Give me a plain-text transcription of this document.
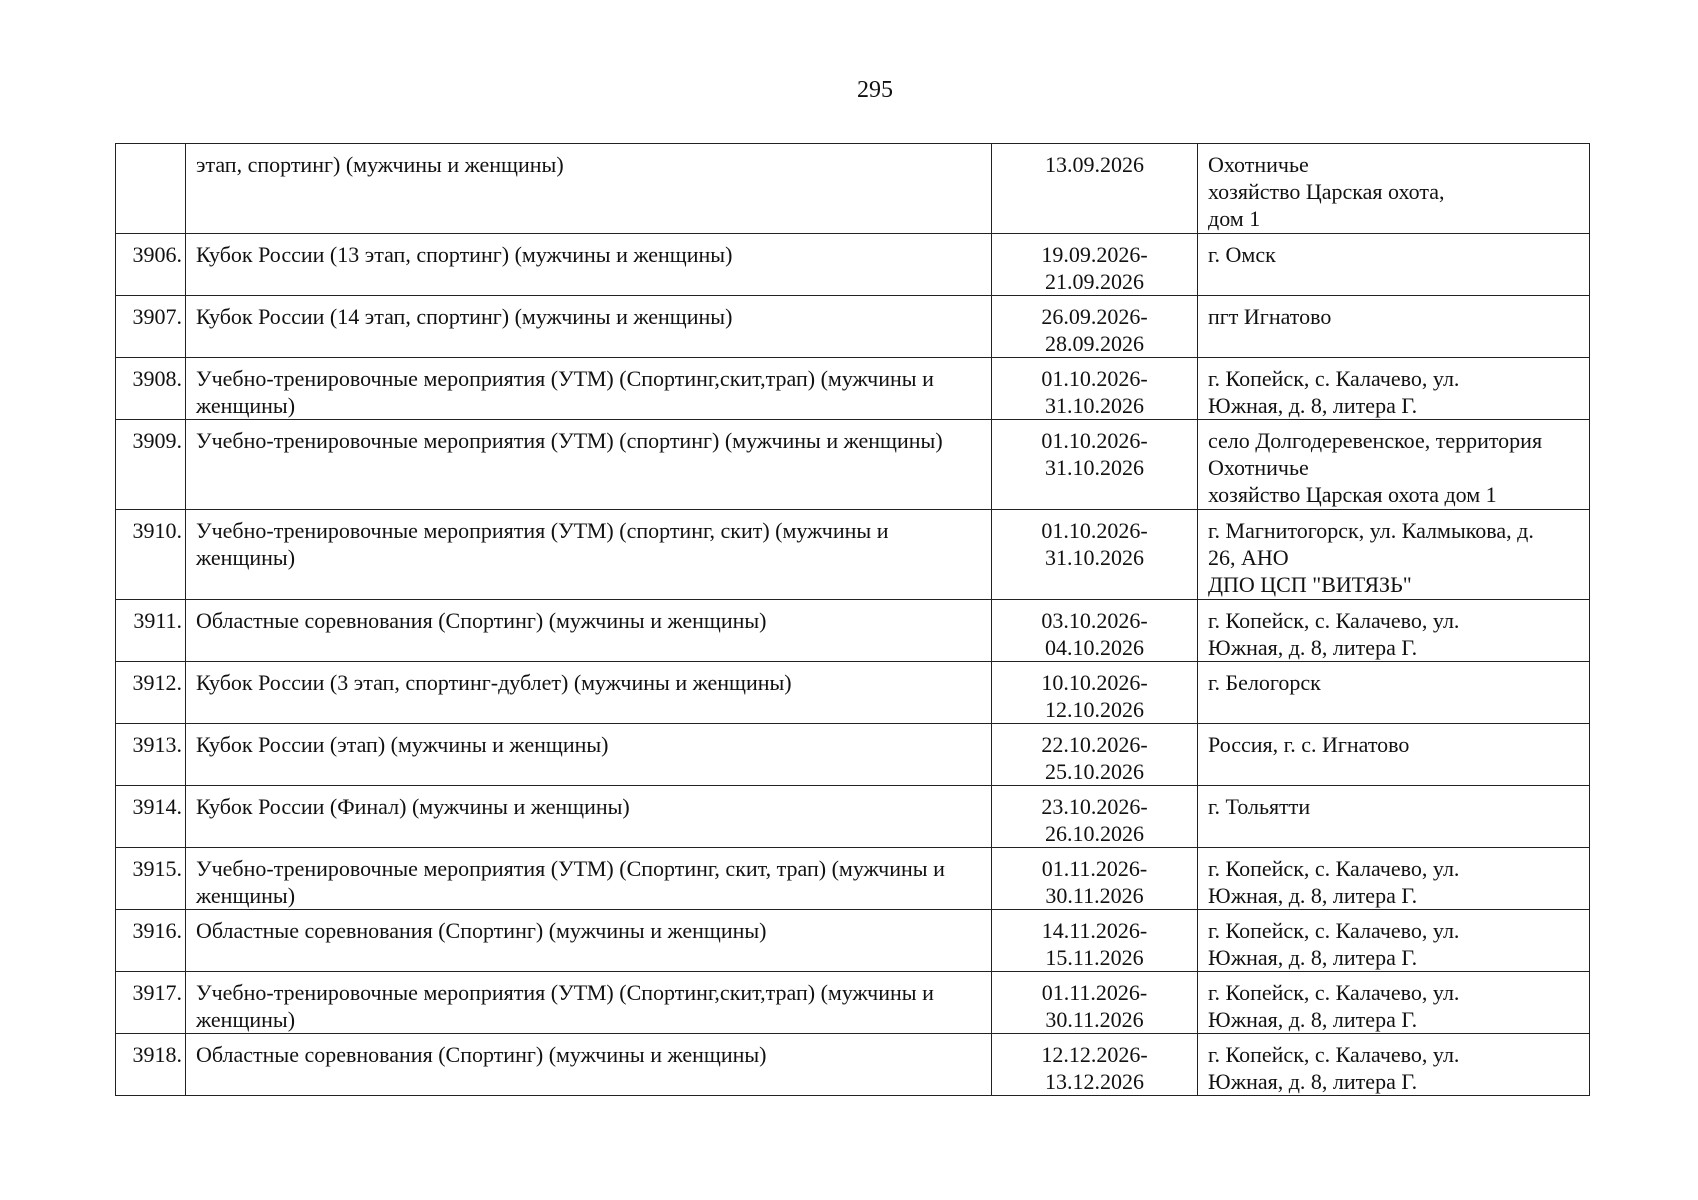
295
	этап, спортинг) (мужчины и женщины)	13.09.2026	Охотничье
хозяйство Царская охота,
дом 1

3906.	Кубок России (13 этап, спортинг) (мужчины и женщины)	19.09.2026-
21.09.2026	г. Омск

3907.	Кубок России (14 этап, спортинг) (мужчины и женщины)	26.09.2026-
28.09.2026	пгт Игнатово

3908.	Учебно-тренировочные мероприятия (УТМ) (Спортинг,скит,трап) (мужчины и женщины)	01.10.2026-
31.10.2026	г. Копейск, с. Калачево, ул.
Южная, д. 8, литера Г.

3909.	Учебно-тренировочные мероприятия (УТМ) (спортинг) (мужчины и женщины)	01.10.2026-
31.10.2026	село Долгодеревенское, территория
Охотничье
хозяйство Царская охота дом 1

3910.	Учебно-тренировочные мероприятия (УТМ) (спортинг, скит) (мужчины и женщины)	01.10.2026-
31.10.2026	г. Магнитогорск, ул. Калмыкова, д.
26, АНО
ДПО ЦСП "ВИТЯЗЬ"

3911.	Областные соревнования (Спортинг) (мужчины и женщины)	03.10.2026-
04.10.2026	г. Копейск, с. Калачево, ул.
Южная, д. 8, литера Г.

3912.	Кубок России (3 этап, спортинг-дублет) (мужчины и женщины)	10.10.2026-
12.10.2026	г. Белогорск

3913.	Кубок России (этап) (мужчины и женщины)	22.10.2026-
25.10.2026	Россия, г. с. Игнатово

3914.	Кубок России (Финал) (мужчины и женщины)	23.10.2026-
26.10.2026	г. Тольятти

3915.	Учебно-тренировочные мероприятия (УТМ) (Спортинг, скит, трап) (мужчины и женщины)	01.11.2026-
30.11.2026	г. Копейск, с. Калачево, ул.
Южная, д. 8, литера Г.

3916.	Областные соревнования (Спортинг) (мужчины и женщины)	14.11.2026-
15.11.2026	г. Копейск, с. Калачево, ул.
Южная, д. 8, литера Г.

3917.	Учебно-тренировочные мероприятия (УТМ) (Спортинг,скит,трап) (мужчины и женщины)	01.11.2026-
30.11.2026	г. Копейск, с. Калачево, ул.
Южная, д. 8, литера Г.

3918.	Областные соревнования (Спортинг) (мужчины и женщины)	12.12.2026-
13.12.2026	г. Копейск, с. Калачево, ул.
Южная, д. 8, литера Г.
